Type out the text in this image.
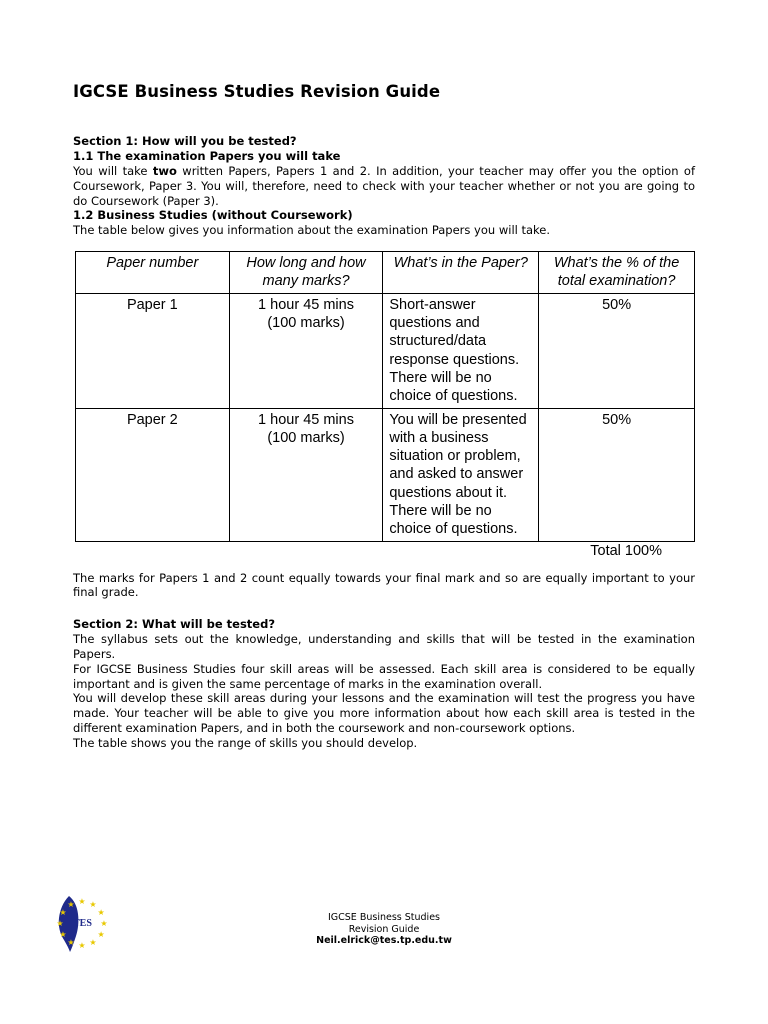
IGCSE Business Studies Revision Guide

Section 1: How will you be tested?

1.1 The examination Papers you will take

You will take two written Papers, Papers 1 and 2. In addition, your teacher may offer you the option of Coursework, Paper 3. You will, therefore, need to check with your teacher whether or not you are going to do Coursework (Paper 3).

1.2 Business Studies (without Coursework)

The table below gives you information about the examination Papers you will take.

Paper number	How long and how many marks?	What’s in the Paper?	What’s the % of the total examination?
Paper 1	1 hour 45 mins
(100 marks)	Short-answer questions and structured/data response questions. There will be no choice of questions.	50%
Paper 2	1 hour 45 mins
(100 marks)	You will be presented with a business situation or problem, and asked to answer questions about it. There will be no choice of questions.	50%
Total 100%

The marks for Papers 1 and 2 count equally towards your final mark and so are equally important to your final grade.

Section 2: What will be tested?

The syllabus sets out the knowledge, understanding and skills that will be tested in the examination Papers.

For IGCSE Business Studies four skill areas will be assessed. Each skill area is considered to be equally important and is given the same percentage of marks in the examination overall.

You will develop these skill areas during your lessons and the examination will test the progress you have made. Your teacher will be able to give you more information about how each skill area is tested in the different examination Papers, and in both the coursework and non-coursework options.

The table shows you the range of skills you should develop.

★ ★
★
★
★
★
★
★
★
★
★
★
TES
IGCSE Business Studies
Revision Guide
Neil.elrick@tes.tp.edu.tw
